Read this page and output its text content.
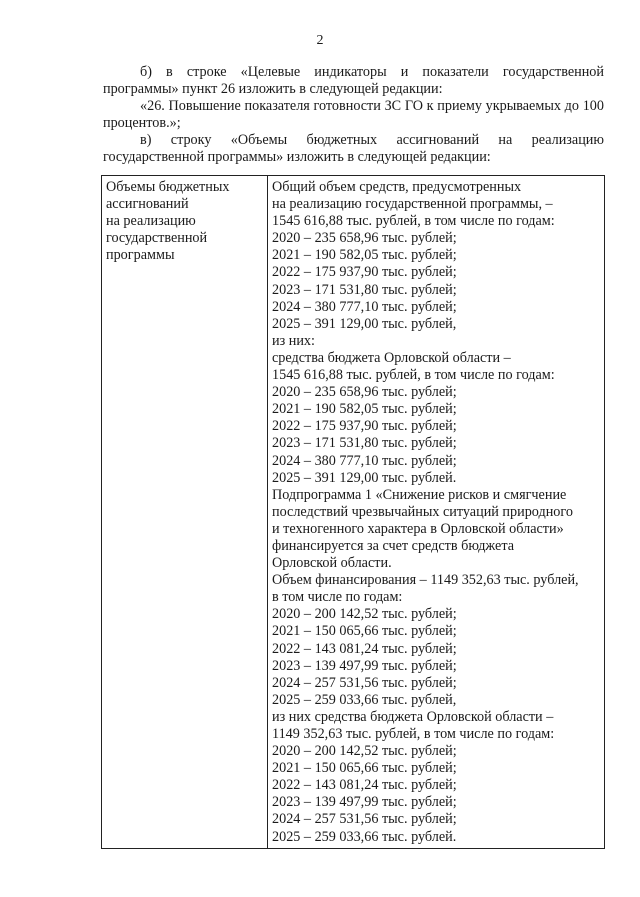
2

б) в строке «Целевые индикаторы и показатели государственной программы» пункт 26 изложить в следующей редакции:

«26. Повышение показателя готовности ЗС ГО к приему укрываемых до 100 процентов.»;

в) строку «Объемы бюджетных ассигнований на реализацию государственной программы» изложить в следующей редакции:

Объемы бюджетных
ассигнований
на реализацию
государственной
программы

Общий объем средств, предусмотренных
на реализацию государственной программы, –
1545 616,88 тыс. рублей, в том числе по годам:
2020 – 235 658,96 тыс. рублей;
2021 – 190 582,05 тыс. рублей;
2022 – 175 937,90 тыс. рублей;
2023 – 171 531,80 тыс. рублей;
2024 – 380 777,10 тыс. рублей;
2025 – 391 129,00 тыс. рублей,
из них:
средства бюджета Орловской области –
1545 616,88 тыс. рублей, в том числе по годам:
2020 – 235 658,96 тыс. рублей;
2021 – 190 582,05 тыс. рублей;
2022 – 175 937,90 тыс. рублей;
2023 – 171 531,80 тыс. рублей;
2024 – 380 777,10 тыс. рублей;
2025 – 391 129,00 тыс. рублей.
Подпрограмма 1 «Снижение рисков и смягчение
последствий чрезвычайных ситуаций природного
и техногенного характера в Орловской области»
финансируется за счет средств бюджета
Орловской области.
Объем финансирования – 1149 352,63 тыс. рублей,
в том числе по годам:
2020 – 200 142,52 тыс. рублей;
2021 – 150 065,66 тыс. рублей;
2022 – 143 081,24 тыс. рублей;
2023 – 139 497,99 тыс. рублей;
2024 – 257 531,56 тыс. рублей;
2025 – 259 033,66 тыс. рублей,
из них средства бюджета Орловской области –
1149 352,63 тыс. рублей, в том числе по годам:
2020 – 200 142,52 тыс. рублей;
2021 – 150 065,66 тыс. рублей;
2022 – 143 081,24 тыс. рублей;
2023 – 139 497,99 тыс. рублей;
2024 – 257 531,56 тыс. рублей;
2025 – 259 033,66 тыс. рублей.
